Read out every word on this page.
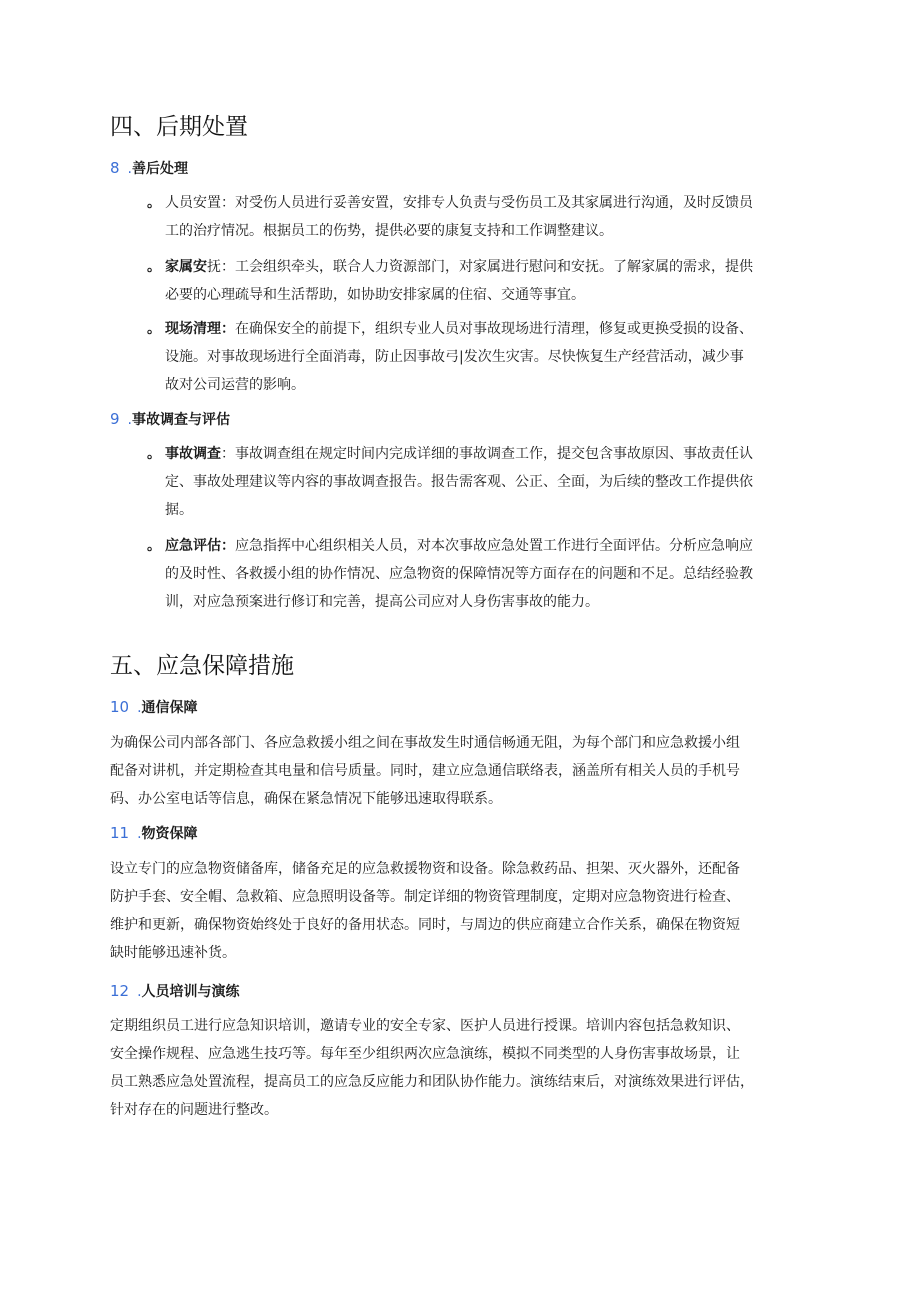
四、后期处置
8 .善后处理
。 人员安置：对受伤人员进行妥善安置，安排专人负责与受伤员工及其家属进行沟通，及时反馈员
工的治疗情况。根据员工的伤势，提供必要的康复支持和工作调整建议。
。 家属安抚：工会组织牵头，联合人力资源部门，对家属进行慰问和安抚。了解家属的需求，提供
必要的心理疏导和生活帮助，如协助安排家属的住宿、交通等事宜。
。 现场清理：在确保安全的前提下，组织专业人员对事故现场进行清理，修复或更换受损的设备、
设施。对事故现场进行全面消毒，防止因事故弓|发次生灾害。尽快恢复生产经营活动，减少事
故对公司运营的影响。
9 .事故调查与评估
。 事故调查：事故调查组在规定时间内完成详细的事故调查工作，提交包含事故原因、事故责任认
定、事故处理建议等内容的事故调查报告。报告需客观、公正、全面，为后续的整改工作提供依
据。
。 应急评估：应急指挥中心组织相关人员，对本次事故应急处置工作进行全面评估。分析应急响应
的及时性、各救援小组的协作情况、应急物资的保障情况等方面存在的问题和不足。总结经验教
训，对应急预案进行修订和完善，提高公司应对人身伤害事故的能力。
五、应急保障措施
10 .通信保障
为确保公司内部各部门、各应急救援小组之间在事故发生时通信畅通无阻，为每个部门和应急救援小组
配备对讲机，并定期检查其电量和信号质量。同时，建立应急通信联络表，涵盖所有相关人员的手机号
码、办公室电话等信息，确保在紧急情况下能够迅速取得联系。
11 .物资保障
设立专门的应急物资储备库，储备充足的应急救援物资和设备。除急救药品、担架、灭火器外，还配备
防护手套、安全帽、急救箱、应急照明设备等。制定详细的物资管理制度，定期对应急物资进行检查、
维护和更新，确保物资始终处于良好的备用状态。同时，与周边的供应商建立合作关系，确保在物资短
缺时能够迅速补货。
12 .人员培训与演练
定期组织员工进行应急知识培训，邀请专业的安全专家、医护人员进行授课。培训内容包括急救知识、
安全操作规程、应急逃生技巧等。每年至少组织两次应急演练，模拟不同类型的人身伤害事故场景，让
员工熟悉应急处置流程，提高员工的应急反应能力和团队协作能力。演练结束后，对演练效果进行评估，
针对存在的问题进行整改。
